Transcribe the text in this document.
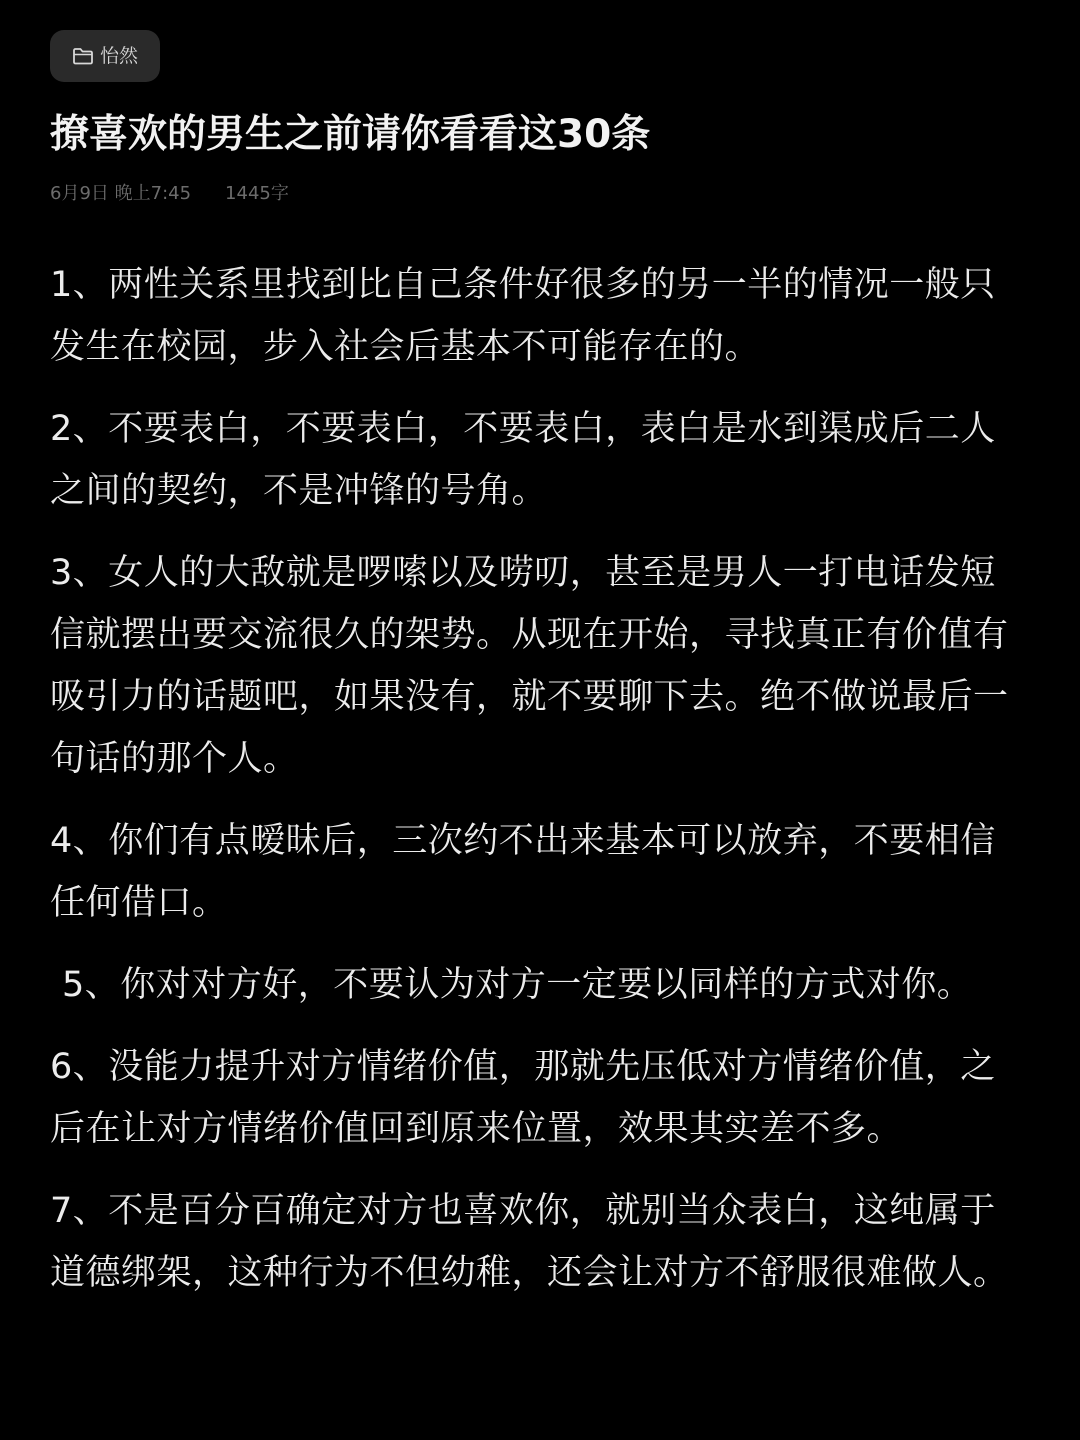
怡然
撩喜欢的男生之前请你看看这30条
6月9日 晚上7:45 1445字

1、两性关系里找到比自己条件好很多的另一半的情况一般只发生在校园，步入社会后基本不可能存在的。

2、不要表白，不要表白，不要表白，表白是水到渠成后二人之间的契约，不是冲锋的号角。

3、女人的大敌就是啰嗦以及唠叨，甚至是男人一打电话发短信就摆出要交流很久的架势。从现在开始，寻找真正有价值有吸引力的话题吧，如果没有，就不要聊下去。绝不做说最后一句话的那个人。

4、你们有点暧昧后，三次约不出来基本可以放弃，不要相信任何借口。

5、你对对方好，不要认为对方一定要以同样的方式对你。

6、没能力提升对方情绪价值，那就先压低对方情绪价值，之后在让对方情绪价值回到原来位置，效果其实差不多。

7、不是百分百确定对方也喜欢你，就别当众表白，这纯属于道德绑架，这种行为不但幼稚，还会让对方不舒服很难做人。
